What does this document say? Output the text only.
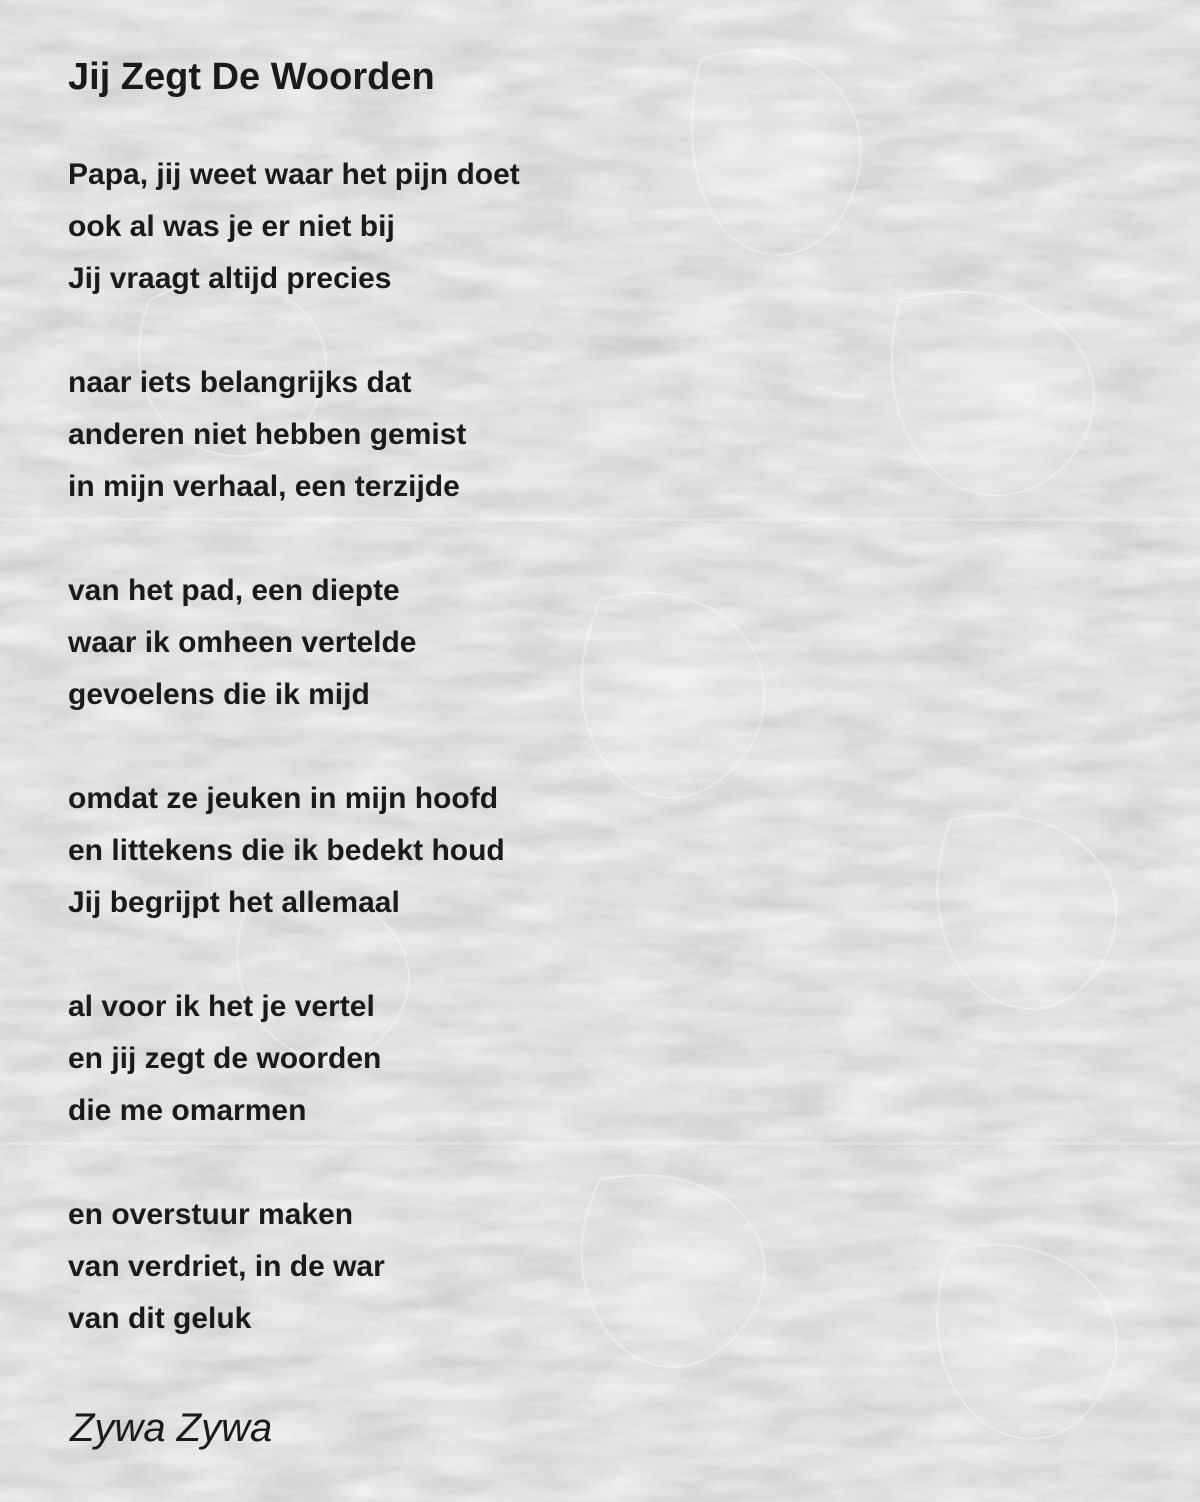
Jij Zegt De Woorden
Papa, jij weet waar het pijn doet
ook al was je er niet bij
Jij vraagt altijd precies
naar iets belangrijks dat
anderen niet hebben gemist
in mijn verhaal, een terzijde
van het pad, een diepte
waar ik omheen vertelde
gevoelens die ik mijd
omdat ze jeuken in mijn hoofd
en littekens die ik bedekt houd
Jij begrijpt het allemaal
al voor ik het je vertel
en jij zegt de woorden
die me omarmen
en overstuur maken
van verdriet, in de war
van dit geluk
Zywa Zywa
